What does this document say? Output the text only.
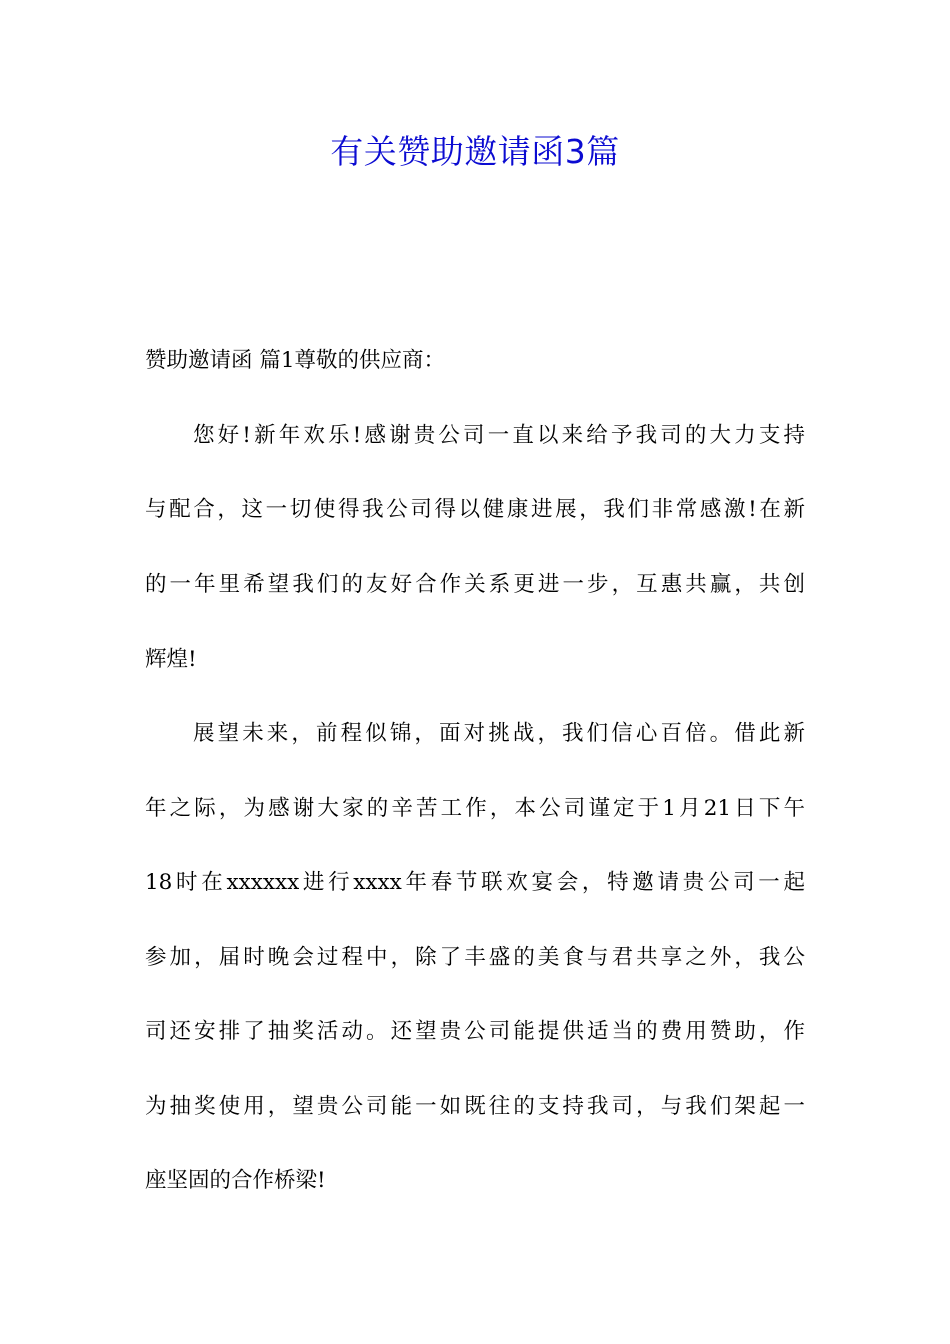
有关赞助邀请函3篇
赞助邀请函 篇1尊敬的供应商：
您好!新年欢乐!感谢贵公司一直以来给予我司的大力支持
与配合，这一切使得我公司得以健康进展，我们非常感激!在新
的一年里希望我们的友好合作关系更进一步，互惠共赢，共创
辉煌!
展望未来，前程似锦，面对挑战，我们信心百倍。借此新
年之际，为感谢大家的辛苦工作，本公司谨定于1月21日下午
18时在xxxxxx进行xxxx年春节联欢宴会，特邀请贵公司一起
参加，届时晚会过程中，除了丰盛的美食与君共享之外，我公
司还安排了抽奖活动。还望贵公司能提供适当的费用赞助，作
为抽奖使用，望贵公司能一如既往的支持我司，与我们架起一
座坚固的合作桥梁!
